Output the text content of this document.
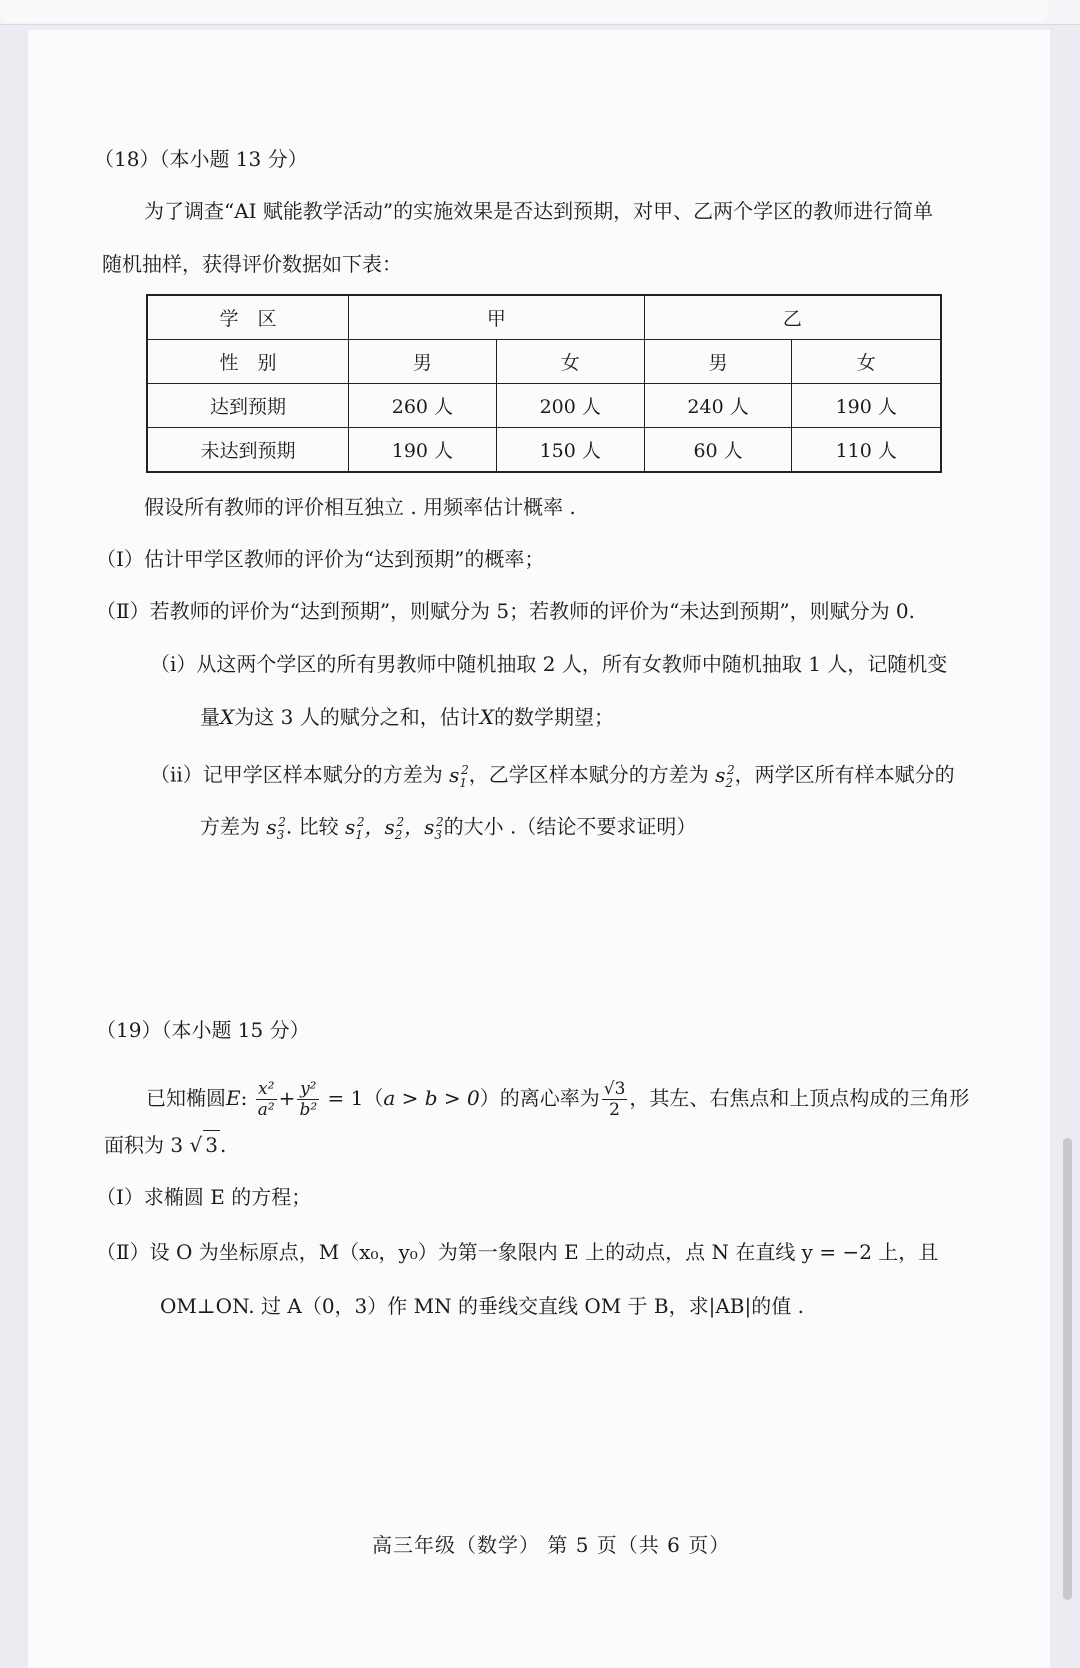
（18）（本小题 13 分）
为了调查“AI 赋能教学活动”的实施效果是否达到预期，对甲、乙两个学区的教师进行简单
随机抽样，获得评价数据如下表：
学　区	甲		乙	
性　别	男	女	男	女
达到预期	260 人	200 人	240 人	190 人
未达到预期	190 人	150 人	60 人	110 人
假设所有教师的评价相互独立 . 用频率估计概率 .
（Ⅰ）估计甲学区教师的评价为“达到预期”的概率；
（Ⅱ）若教师的评价为“达到预期”，则赋分为 5；若教师的评价为“未达到预期”，则赋分为 0.
（ⅰ）从这两个学区的所有男教师中随机抽取 2 人，所有女教师中随机抽取 1 人，记随机变
量X为这 3 人的赋分之和，估计X的数学期望；
（ⅱ）记甲学区样本赋分的方差为 $s_1^2$，乙学区样本赋分的方差为 $s_2^2$，两学区所有样本赋分的
方差为 $s_3^2$. 比较 $s_1^2$，$s_2^2$，$s_3^2$的大小 .（结论不要求证明）
（19）（本小题 15 分）
已知椭圆E: $\frac{\text{x²}}{\text{a²}} + \frac{\text{y²}}{\text{b²}} = 1(a > b > 0)$的离心率为 $\frac{√3}{2}$ ，其左、右焦点和上顶点构成的三角形
面积为 3 √ 3 .
（Ⅰ）求椭圆 E 的方程；
（Ⅱ）设 O 为坐标原点，M（x₀，y₀）为第一象限内 E 上的动点，点 N 在直线 y = −2 上，且
OM⊥ON. 过 A（0，3）作 MN 的垂线交直线 OM 于 B，求|AB|的值 .
高三年级（数学） 第 5 页（共 6 页）
